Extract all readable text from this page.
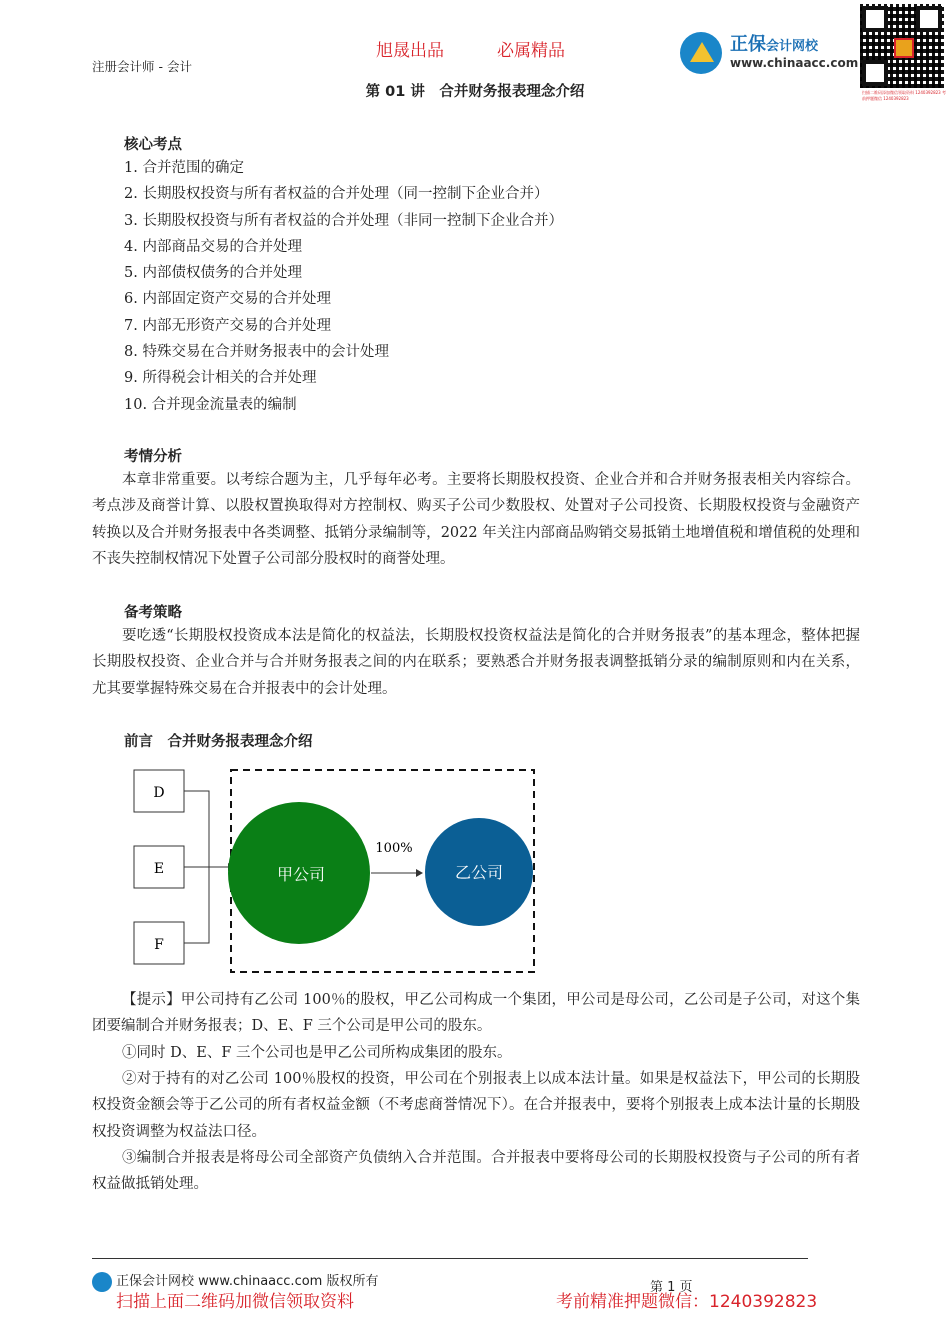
旭晟出品	必属精品
注册会计师 - 会计
第 01 讲　合并财务报表理念介绍
正保会计网校
www.chinaacc.com
扫描二维码添加微信领取资料 1240392823 考前押题微信 1240392823
核心考点
1. 合并范围的确定
2. 长期股权投资与所有者权益的合并处理（同一控制下企业合并）
3. 长期股权投资与所有者权益的合并处理（非同一控制下企业合并）
4. 内部商品交易的合并处理
5. 内部债权债务的合并处理
6. 内部固定资产交易的合并处理
7. 内部无形资产交易的合并处理
8. 特殊交易在合并财务报表中的会计处理
9. 所得税会计相关的合并处理
10. 合并现金流量表的编制
考情分析
本章非常重要。以考综合题为主，几乎每年必考。主要将长期股权投资、企业合并和合并财务报表相关内容综合。考点涉及商誉计算、以股权置换取得对方控制权、购买子公司少数股权、处置对子公司投资、长期股权投资与金融资产转换以及合并财务报表中各类调整、抵销分录编制等，2022 年关注内部商品购销交易抵销土地增值税和增值税的处理和不丧失控制权情况下处置子公司部分股权时的商誉处理。
备考策略
要吃透“长期股权投资成本法是简化的权益法，长期股权投资权益法是简化的合并财务报表”的基本理念，整体把握长期股权投资、企业合并与合并财务报表之间的内在联系；要熟悉合并财务报表调整抵销分录的编制原则和内在关系，尤其要掌握特殊交易在合并报表中的会计处理。
前言　合并财务报表理念介绍
D
E
F
甲公司
100%
乙公司
【提示】甲公司持有乙公司 100％的股权，甲乙公司构成一个集团，甲公司是母公司，乙公司是子公司，对这个集团要编制合并财务报表；D、E、F 三个公司是甲公司的股东。
①同时 D、E、F 三个公司也是甲乙公司所构成集团的股东。
②对于持有的对乙公司 100％股权的投资，甲公司在个别报表上以成本法计量。如果是权益法下，甲公司的长期股权投资金额会等于乙公司的所有者权益金额（不考虑商誉情况下）。在合并报表中，要将个别报表上成本法计量的长期股权投资调整为权益法口径。
③编制合并报表是将母公司全部资产负债纳入合并范围。合并报表中要将母公司的长期股权投资与子公司的所有者权益做抵销处理。
正保会计网校 www.chinaacc.com 版权所有	第 1 页
扫描上面二维码加微信领取资料	考前精准押题微信：1240392823
